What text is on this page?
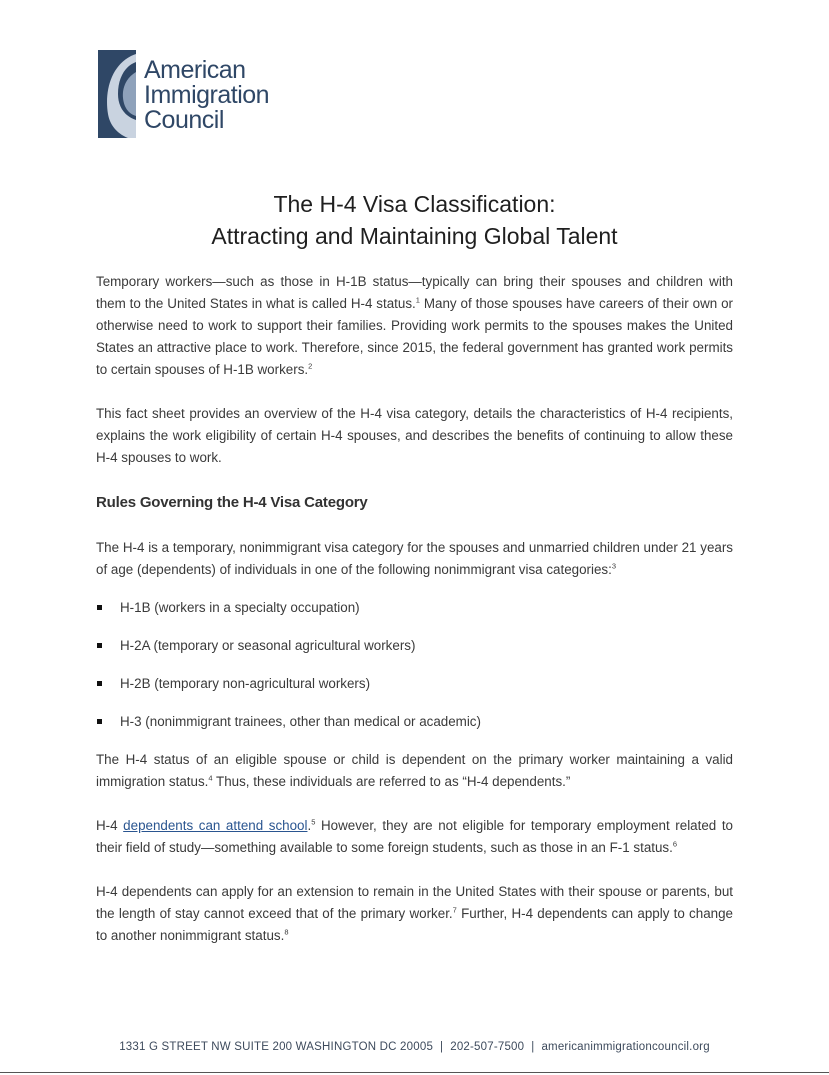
American
Immigration
Council
The H-4 Visa Classification:
Attracting and Maintaining Global Talent

Temporary workers—such as those in H-1B status—typically can bring their spouses and children with them to the United States in what is called H-4 status.$^1$ Many of those spouses have careers of their own or otherwise need to work to support their families. Providing work permits to the spouses makes the United States an attractive place to work. Therefore, since 2015, the federal government has granted work permits to certain spouses of H-1B workers.$^2$

This fact sheet provides an overview of the H-4 visa category, details the characteristics of H-4 recipients, explains the work eligibility of certain H-4 spouses, and describes the benefits of continuing to allow these H-4 spouses to work.

Rules Governing the H-4 Visa Category

The H-4 is a temporary, nonimmigrant visa category for the spouses and unmarried children under 21 years of age (dependents) of individuals in one of the following nonimmigrant visa categories:$^3$

H-1B (workers in a specialty occupation)
H-2A (temporary or seasonal agricultural workers)
H-2B (temporary non-agricultural workers)
H-3 (nonimmigrant trainees, other than medical or academic)

The H-4 status of an eligible spouse or child is dependent on the primary worker maintaining a valid immigration status.$^4$ Thus, these individuals are referred to as “H-4 dependents.”

H-4 dependents can attend school.$^5$ However, they are not eligible for temporary employment related to their field of study—something available to some foreign students, such as those in an F-1 status.$^6$

H-4 dependents can apply for an extension to remain in the United States with their spouse or parents, but the length of stay cannot exceed that of the primary worker.$^7$ Further, H-4 dependents can apply to change to another nonimmigrant status.$^8$

1331 G STREET NW SUITE 200 WASHINGTON DC 20005 | 202-507-7500 | americanimmigrationcouncil.org
